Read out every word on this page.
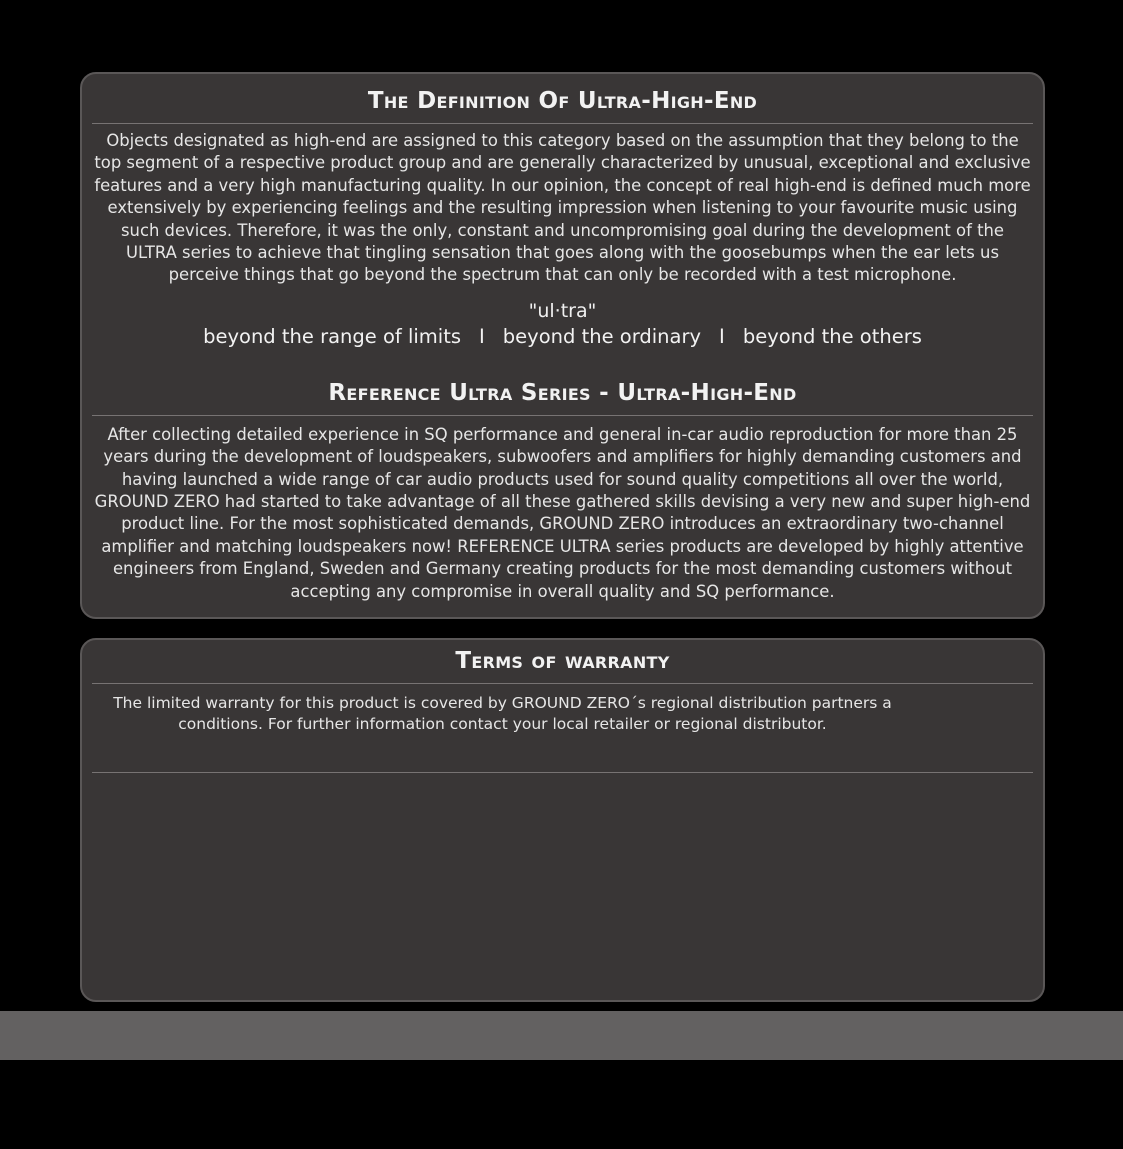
The Definition Of Ultra-High-End

Objects designated as high-end are assigned to this category based on the assumption that they belong to the top segment of a respective product group and are generally characterized by unusual, exceptional and exclusive features and a very high manufacturing quality. In our opinion, the concept of real high-end is defined much more extensively by experiencing feelings and the resulting impression when listening to your favourite music using such devices. Therefore, it was the only, constant and uncompromising goal during the development of the ULTRA series to achieve that tingling sensation that goes along with the goosebumps when the ear lets us perceive things that go beyond the spectrum that can only be recorded with a test microphone.

"ul·tra"

beyond the range of limits I beyond the ordinary I beyond the others

Reference Ultra Series - Ultra-High-End

After collecting detailed experience in SQ performance and general in-car audio reproduction for more than 25 years during the development of loudspeakers, subwoofers and amplifiers for highly demanding customers and having launched a wide range of car audio products used for sound quality competitions all over the world, GROUND ZERO had started to take advantage of all these gathered skills devising a very new and super high-end product line. For the most sophisticated demands, GROUND ZERO introduces an extraordinary two-channel amplifier and matching loudspeakers now! REFERENCE ULTRA series products are developed by highly attentive engineers from England, Sweden and Germany creating products for the most demanding customers without accepting any compromise in overall quality and SQ performance.

Terms of warranty

The limited warranty for this product is covered by GROUND ZERO´s regional distribution partners a conditions. For further information contact your local retailer or regional distributor.
